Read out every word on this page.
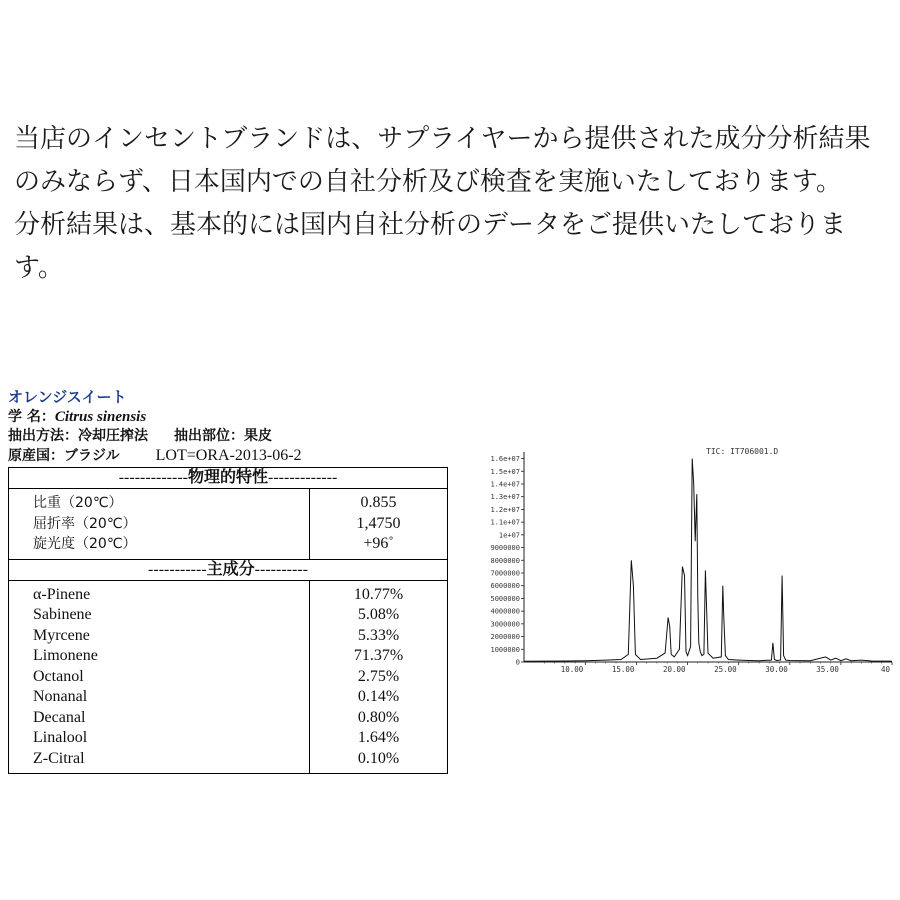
当店のインセントブランドは、サプライヤーから提供された成分分析結果のみならず、日本国内での自社分析及び検査を実施いたしております。

分析結果は、基本的には国内自社分析のデータをご提供いたしております。

オレンジスイート
学 名：Citrus sinensis
抽出方法：冷却圧搾法 抽出部位：果皮
原産国：ブラジル LOT=ORA-2013-06-2
-------------物理的特性-------------	
比重（20℃）	0.855
屈折率（20℃）	1,4750
旋光度（20℃）	+96˚
-----------主成分----------	
α-Pinene	10.77%
Sabinene	5.08%
Myrcene	5.33%
Limonene	71.37%
Octanol	2.75%
Nonanal	0.14%
Decanal	0.80%
Linalool	1.64%
Z-Citral	0.10%
TIC: IT706001.D
1.6e+07
1.5e+07
1.4e+07
1.3e+07
1.2e+07
1.1e+07
1e+07
9000000
8000000
7000000
6000000
5000000
4000000
3000000
2000000
1000000
0
10.00	15.00	20.00	25.00	30.00	35.00	40
